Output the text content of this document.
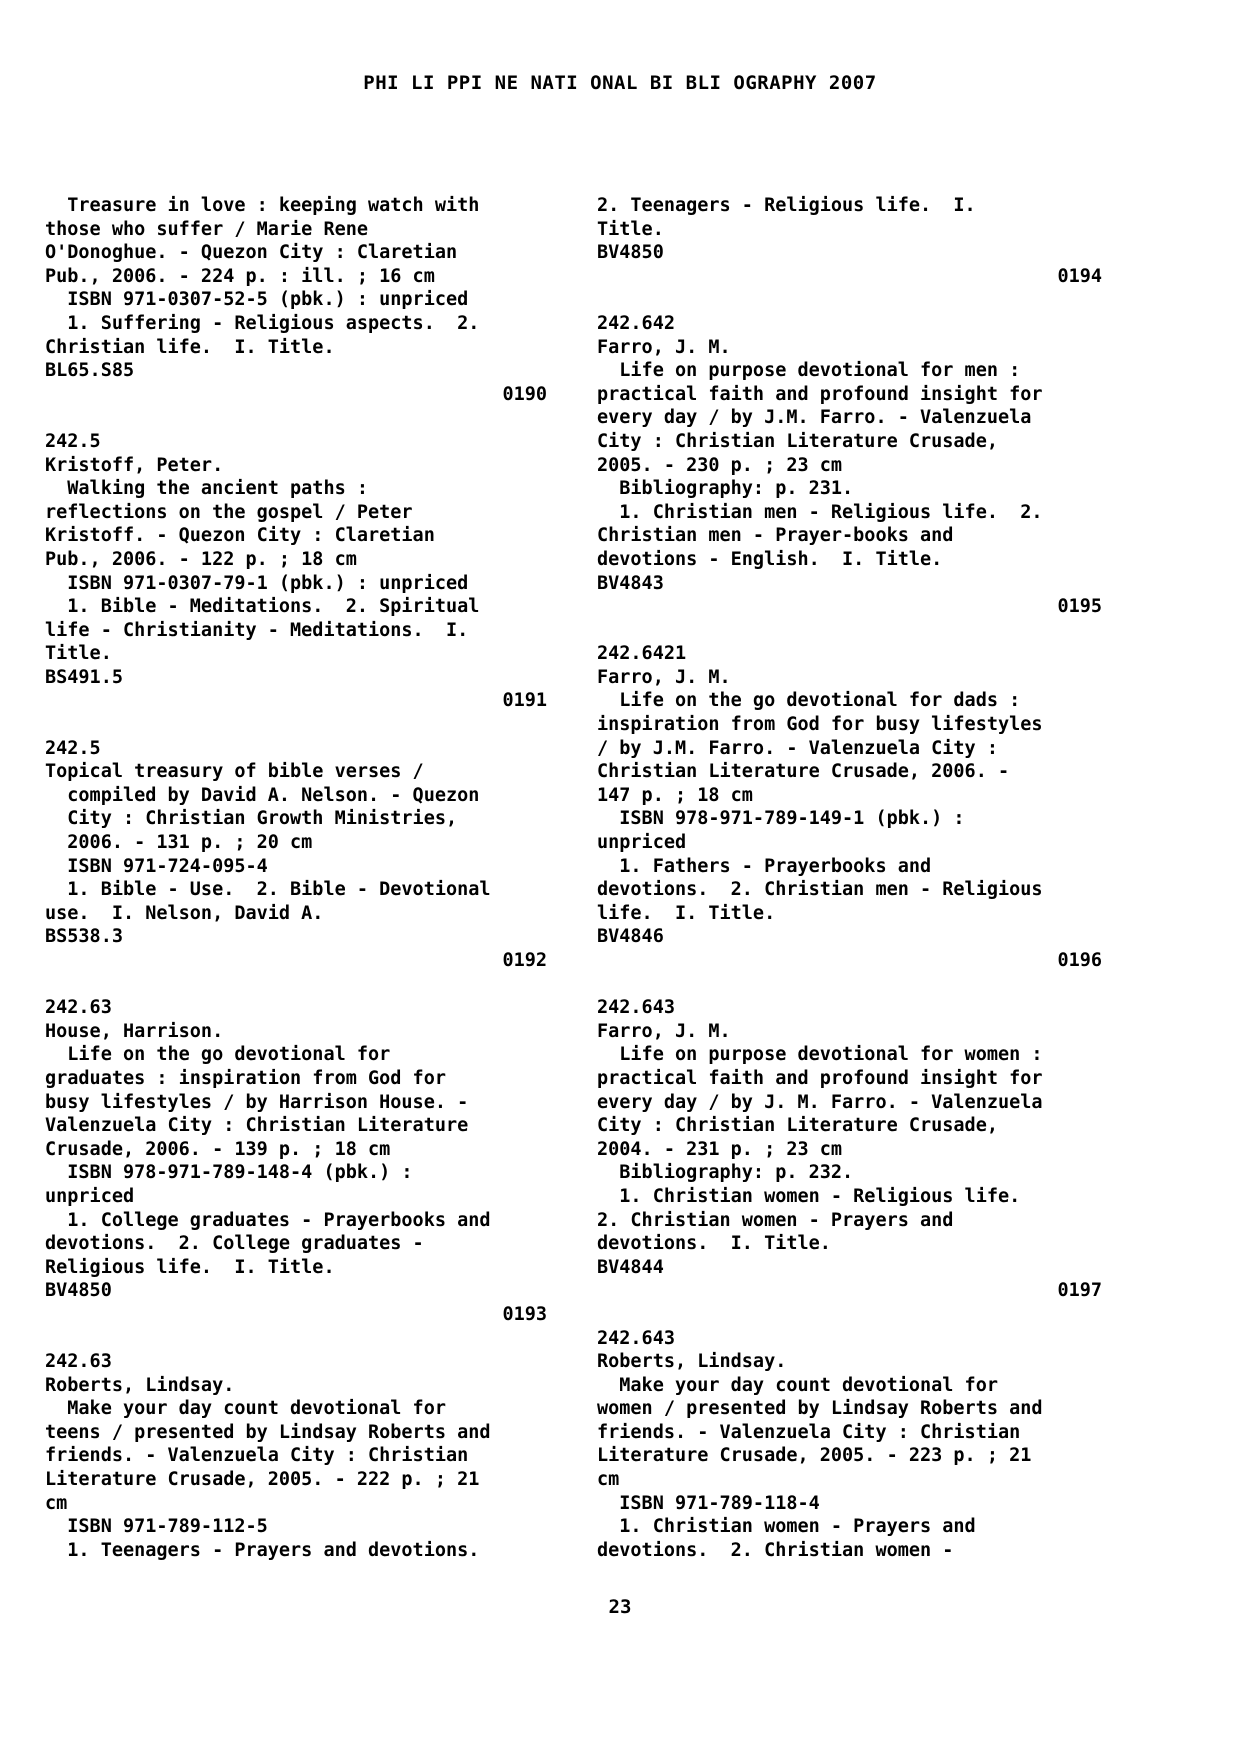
PHI LI PPI NE NATI ONAL BI BLI OGRAPHY 2007
Treasure in love : keeping watch with
those who suffer / Marie Rene
O'Donoghue. - Quezon City : Claretian
Pub., 2006. - 224 p. : ill. ; 16 cm
ISBN 971-0307-52-5 (pbk.) : unpriced
1. Suffering - Religious aspects.  2.
Christian life.  I. Title.
BL65.S85
0190
242.5
Kristoff, Peter.
Walking the ancient paths :
reflections on the gospel / Peter
Kristoff. - Quezon City : Claretian
Pub., 2006. - 122 p. ; 18 cm
ISBN 971-0307-79-1 (pbk.) : unpriced
1. Bible - Meditations.  2. Spiritual
life - Christianity - Meditations.  I.
Title.
BS491.5
0191
242.5
Topical treasury of bible verses /
compiled by David A. Nelson. - Quezon
City : Christian Growth Ministries,
2006. - 131 p. ; 20 cm
ISBN 971-724-095-4
1. Bible - Use.  2. Bible - Devotional
use.  I. Nelson, David A.
BS538.3
0192
242.63
House, Harrison.
Life on the go devotional for
graduates : inspiration from God for
busy lifestyles / by Harrison House. -
Valenzuela City : Christian Literature
Crusade, 2006. - 139 p. ; 18 cm
ISBN 978-971-789-148-4 (pbk.) :
unpriced
1. College graduates - Prayerbooks and
devotions.  2. College graduates -
Religious life.  I. Title.
BV4850
0193
242.63
Roberts, Lindsay.
Make your day count devotional for
teens / presented by Lindsay Roberts and
friends. - Valenzuela City : Christian
Literature Crusade, 2005. - 222 p. ; 21
cm
ISBN 971-789-112-5
1. Teenagers - Prayers and devotions.
2. Teenagers - Religious life.  I.
Title.
BV4850
0194
242.642
Farro, J. M.
Life on purpose devotional for men :
practical faith and profound insight for
every day / by J.M. Farro. - Valenzuela
City : Christian Literature Crusade,
2005. - 230 p. ; 23 cm
Bibliography: p. 231.
1. Christian men - Religious life.  2.
Christian men - Prayer-books and
devotions - English.  I. Title.
BV4843
0195
242.6421
Farro, J. M.
Life on the go devotional for dads :
inspiration from God for busy lifestyles
/ by J.M. Farro. - Valenzuela City :
Christian Literature Crusade, 2006. -
147 p. ; 18 cm
ISBN 978-971-789-149-1 (pbk.) :
unpriced
1. Fathers - Prayerbooks and
devotions.  2. Christian men - Religious
life.  I. Title.
BV4846
0196
242.643
Farro, J. M.
Life on purpose devotional for women :
practical faith and profound insight for
every day / by J. M. Farro. - Valenzuela
City : Christian Literature Crusade,
2004. - 231 p. ; 23 cm
Bibliography: p. 232.
1. Christian women - Religious life.
2. Christian women - Prayers and
devotions.  I. Title.
BV4844
0197
242.643
Roberts, Lindsay.
Make your day count devotional for
women / presented by Lindsay Roberts and
friends. - Valenzuela City : Christian
Literature Crusade, 2005. - 223 p. ; 21
cm
ISBN 971-789-118-4
1. Christian women - Prayers and
devotions.  2. Christian women -
23
